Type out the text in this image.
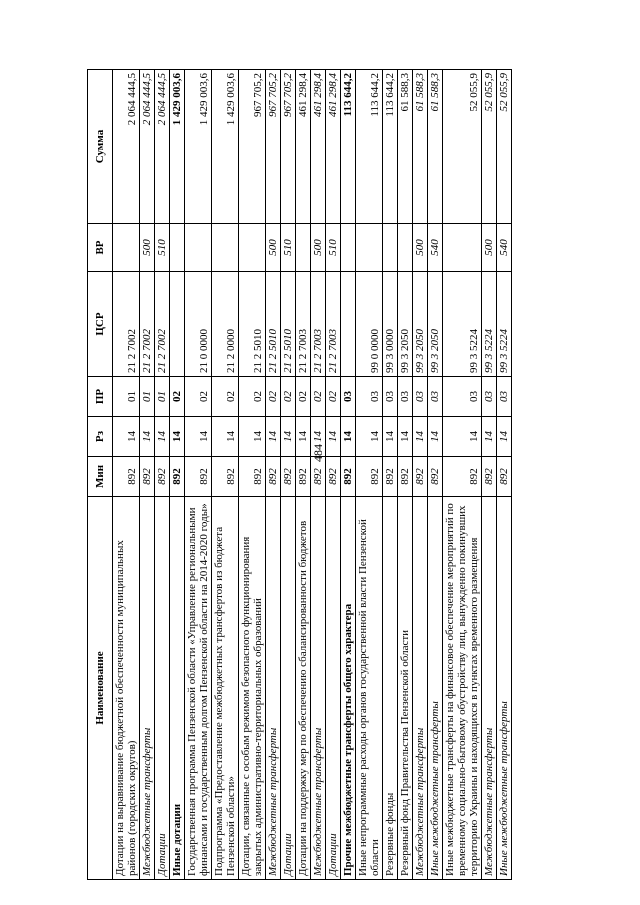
484
Наименование	Мин	Рз	ПР	ЦСР	ВР	Сумма
Дотации на выравнивание бюджетной обеспеченности муниципальных районов (городских округов)	892	14	01	21 2 7002		2 064 444,5
Межбюджетные трансферты	892	14	01	21 2 7002	500	2 064 444,5
Дотации	892	14	01	21 2 7002	510	2 064 444,5
Иные дотации	892	14	02			1 429 003,6
Государственная программа Пензенской области «Управление региональными финансами и государственным долгом Пензенской области на 2014-2020 годы»	892	14	02	21 0 0000		1 429 003,6
Подпрограмма «Предоставление межбюджетных трансфертов из бюджета Пензенской области»	892	14	02	21 2 0000		1 429 003,6
Дотации, связанные с особым режимом безопасного функционирования закрытых административно-территориальных образований	892	14	02	21 2 5010		967 705,2
Межбюджетные трансферты	892	14	02	21 2 5010	500	967 705,2
Дотации	892	14	02	21 2 5010	510	967 705,2
Дотации на поддержку мер по обеспечению сбалансированности бюджетов	892	14	02	21 2 7003		461 298,4
Межбюджетные трансферты	892	14	02	21 2 7003	500	461 298,4
Дотации	892	14	02	21 2 7003	510	461 298,4
Прочие межбюджетные трансферты общего характера	892	14	03			113 644,2
Иные непрограммные расходы органов государственной власти Пензенской области	892	14	03	99 0 0000		113 644,2
Резервные фонды	892	14	03	99 3 0000		113 644,2
Резервный фонд Правительства Пензенской области	892	14	03	99 3 2050		61 588,3
Межбюджетные трансферты	892	14	03	99 3 2050	500	61 588,3
Иные межбюджетные трансферты	892	14	03	99 3 2050	540	61 588,3
Иные межбюджетные трансферты на финансовое обеспечение мероприятий по временному социально-бытовому обустройству лиц, вынужденно покинувших территорию Украины и находящихся в пунктах временного размещения	892	14	03	99 3 5224		52 055,9
Межбюджетные трансферты	892	14	03	99 3 5224	500	52 055,9
Иные межбюджетные трансферты	892	14	03	99 3 5224	540	52 055,9
